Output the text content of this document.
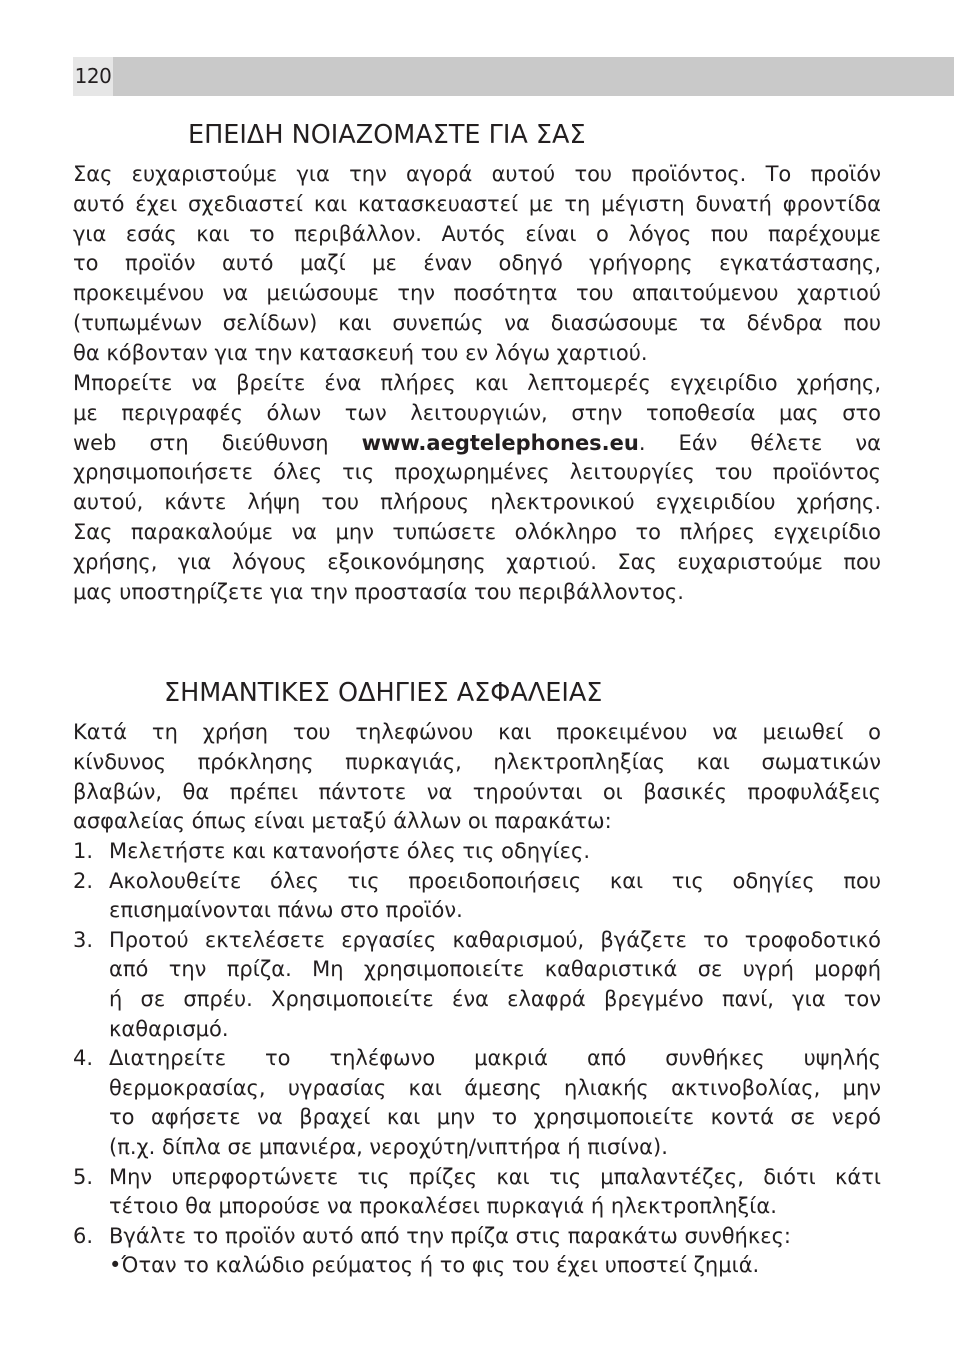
120
ΕΠΕΙΔΗ ΝΟΙΑΖΟΜΑΣΤΕ ΓΙΑ ΣΑΣ
Σας ευχαριστούμε για την αγορά αυτού του προϊόντος. Το προϊόν
αυτό έχει σχεδιαστεί και κατασκευαστεί με τη μέγιστη δυνατή φροντίδα
για εσάς και το περιβάλλον. Αυτός είναι ο λόγος που παρέχουμε
το προϊόν αυτό μαζί με έναν οδηγό γρήγορης εγκατάστασης,
προκειμένου να μειώσουμε την ποσότητα του απαιτούμενου χαρτιού
(τυπωμένων σελίδων) και συνεπώς να διασώσουμε τα δένδρα που
θα κόβονταν για την κατασκευή του εν λόγω χαρτιού.
Μπορείτε να βρείτε ένα πλήρες και λεπτομερές εγχειρίδιο χρήσης,
με περιγραφές όλων των λειτουργιών, στην τοποθεσία μας στο
web στη διεύθυνση www.aegtelephones.eu. Εάν θέλετε να
χρησιμοποιήσετε όλες τις προχωρημένες λειτουργίες του προϊόντος
αυτού, κάντε λήψη του πλήρους ηλεκτρονικού εγχειριδίου χρήσης.
Σας παρακαλούμε να μην τυπώσετε ολόκληρο το πλήρες εγχειρίδιο
χρήσης, για λόγους εξοικονόμησης χαρτιού. Σας ευχαριστούμε που
μας υποστηρίζετε για την προστασία του περιβάλλοντος.
ΣΗΜΑΝΤΙΚΕΣ ΟΔΗΓΙΕΣ ΑΣΦΑΛΕΙΑΣ
Κατά τη χρήση του τηλεφώνου και προκειμένου να μειωθεί ο
κίνδυνος πρόκλησης πυρκαγιάς, ηλεκτροπληξίας και σωματικών
βλαβών, θα πρέπει πάντοτε να τηρούνται οι βασικές προφυλάξεις
ασφαλείας όπως είναι μεταξύ άλλων οι παρακάτω:
1. Μελετήστε και κατανοήστε όλες τις οδηγίες.
2. Ακολουθείτε όλες τις προειδοποιήσεις και τις οδηγίες που
επισημαίνονται πάνω στο προϊόν.
3. Προτού εκτελέσετε εργασίες καθαρισμού, βγάζετε το τροφοδοτικό
από την πρίζα. Μη χρησιμοποιείτε καθαριστικά σε υγρή μορφή
ή σε σπρέυ. Χρησιμοποιείτε ένα ελαφρά βρεγμένο πανί, για τον
καθαρισμό.
4. Διατηρείτε το τηλέφωνο μακριά από συνθήκες υψηλής
θερμοκρασίας, υγρασίας και άμεσης ηλιακής ακτινοβολίας, μην
το αφήσετε να βραχεί και μην το χρησιμοποιείτε κοντά σε νερό
(π.χ. δίπλα σε μπανιέρα, νεροχύτη/νιπτήρα ή πισίνα).
5. Μην υπερφορτώνετε τις πρίζες και τις μπαλαντέζες, διότι κάτι
τέτοιο θα μπορούσε να προκαλέσει πυρκαγιά ή ηλεκτροπληξία.
6. Βγάλτε το προϊόν αυτό από την πρίζα στις παρακάτω συνθήκες:
•Όταν το καλώδιο ρεύματος ή το φις του έχει υποστεί ζημιά.
